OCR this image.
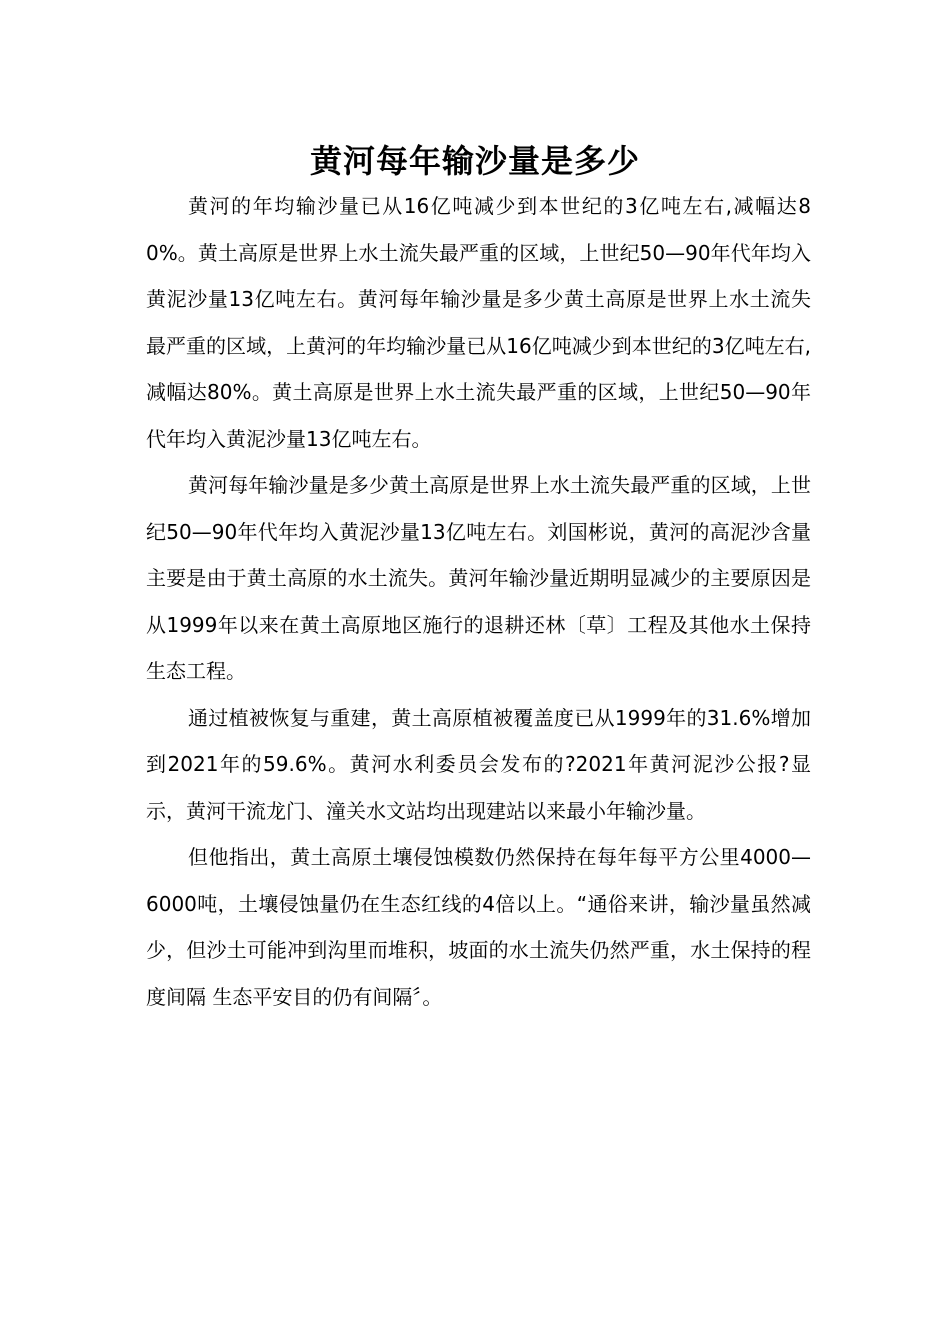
黄河每年输沙量是多少

黄河的年均输沙量已从16亿吨减少到本世纪的3亿吨左右,减幅达80%。黄土高原是世界上水土流失最严重的区域，上世纪50—90年代年均入黄泥沙量13亿吨左右。黄河每年输沙量是多少黄土高原是世界上水土流失最严重的区域，上黄河的年均输沙量已从16亿吨减少到本世纪的3亿吨左右,减幅达80%。黄土高原是世界上水土流失最严重的区域，上世纪50—90年代年均入黄泥沙量13亿吨左右。

黄河每年输沙量是多少黄土高原是世界上水土流失最严重的区域，上世纪50—90年代年均入黄泥沙量13亿吨左右。刘国彬说，黄河的高泥沙含量主要是由于黄土高原的水土流失。黄河年输沙量近期明显减少的主要原因是从1999年以来在黄土高原地区施行的退耕还林〔草〕工程及其他水土保持生态工程。

通过植被恢复与重建，黄土高原植被覆盖度已从1999年的31.6%增加到2021年的59.6%。黄河水利委员会发布的?2021年黄河泥沙公报?显示，黄河干流龙门、潼关水文站均出现建站以来最小年输沙量。

但他指出，黄土高原土壤侵蚀模数仍然保持在每年每平方公里4000—6000吨，土壤侵蚀量仍在生态红线的4倍以上。“通俗来讲，输沙量虽然减少，但沙土可能冲到沟里而堆积，坡面的水土流失仍然严重，水土保持的程度间隔 生态平安目的仍有间隔〞。
